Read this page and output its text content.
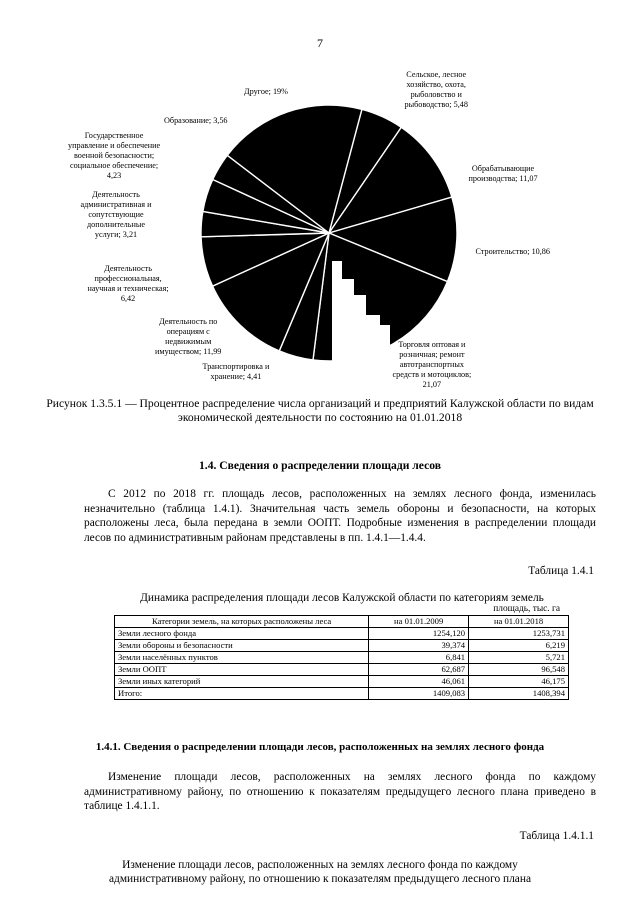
7
Сельское, лесное
хозяйство, охота,
рыболовство и
рыбоводство; 5,48
Обрабатывающие
производства; 11,07
Строительство; 10,86
Торговля оптовая и
розничная; ремонт
автотранспортных
средств и мотоциклов;
21,07
Транспортировка и
хранение; 4,41
Деятельность по
операциям с
недвижимым
имуществом; 11,99
Деятельность
профессиональная,
научная и техническая;
6,42
Деятельность
административная и
сопутствующие
дополнительные
услуги; 3,21
Государственное
управление и обеспечение
военной безопасности;
социальное обеспечение;
4,23
Образование; 3,56
Другое; 19%
Рисунок 1.3.5.1 — Процентное распределение числа организаций и предприятий Калужской области по видам экономической деятельности по состоянию на 01.01.2018
1.4. Сведения о распределении площади лесов
С 2012 по 2018 гг. площадь лесов, расположенных на землях лесного фонда, изменилась незначительно (таблица 1.4.1). Значительная часть земель обороны и безопасности, на которых расположены леса, была передана в земли ООПТ. Подробные изменения в распределении площади лесов по административным районам представлены в пп. 1.4.1—1.4.4.
Таблица 1.4.1
Динамика распределения площади лесов Калужской области по категориям земель
площадь, тыс. га
Категории земель, на которых расположены леса	на 01.01.2009	на 01.01.2018
Земли лесного фонда	1254,120	1253,731
Земли обороны и безопасности	39,374	6,219
Земли населённых пунктов	6,841	5,721
Земли ООПТ	62,687	96,548
Земли иных категорий	46,061	46,175
Итого:	1409,083	1408,394
1.4.1. Сведения о распределении площади лесов, расположенных на землях лесного фонда
Изменение площади лесов, расположенных на землях лесного фонда по каждому административному району, по отношению к показателям предыдущего лесного плана приведено в таблице 1.4.1.1.
Таблица 1.4.1.1
Изменение площади лесов, расположенных на землях лесного фонда по каждому
административному району, по отношению к показателям предыдущего лесного плана
